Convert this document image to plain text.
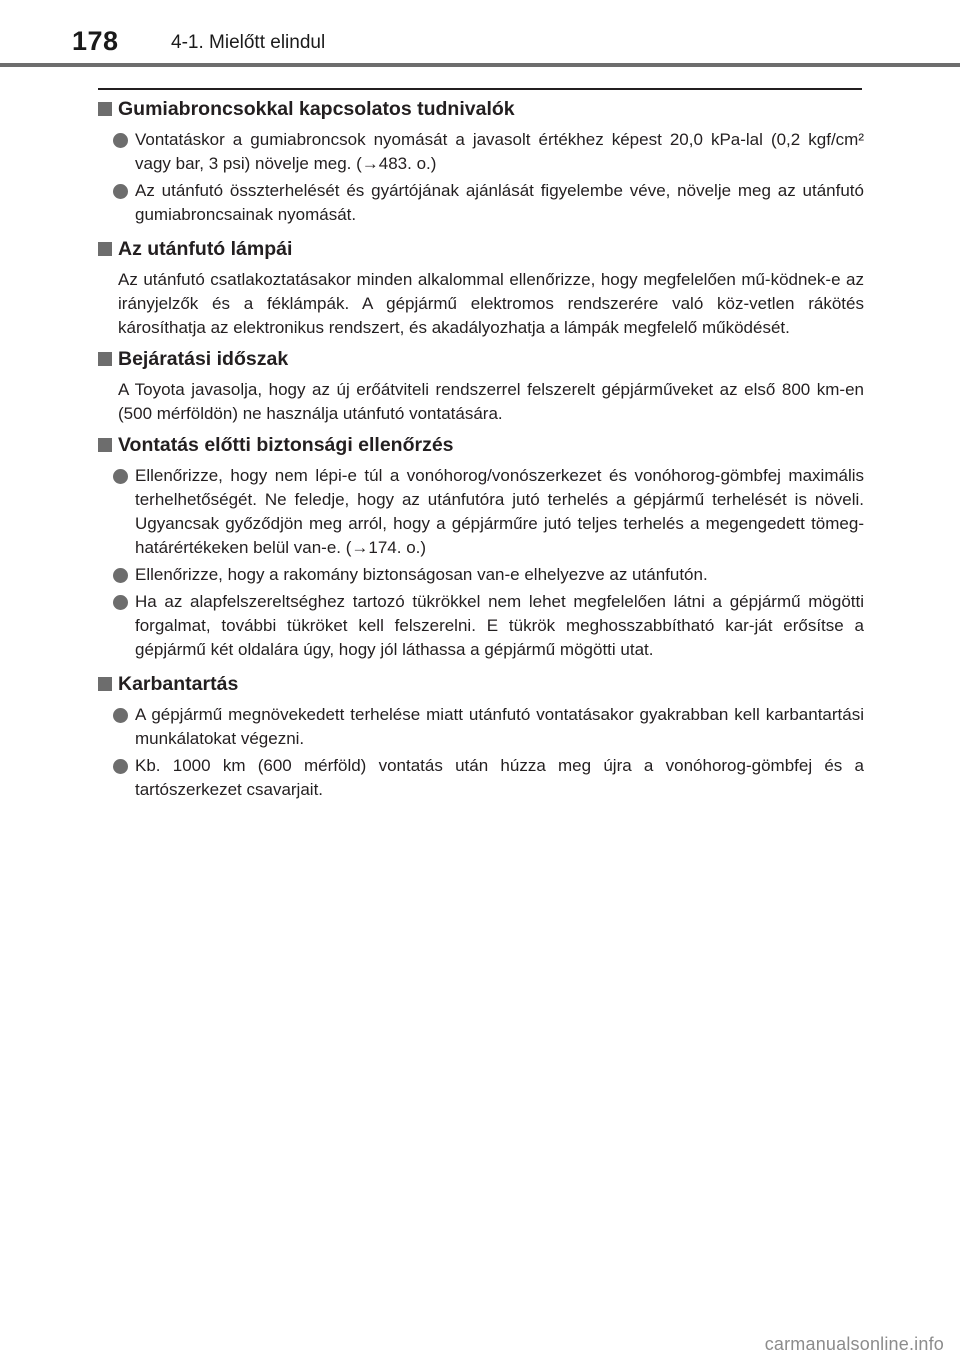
178	4-1. Mielőtt elindul
Gumiabroncsokkal kapcsolatos tudnivalók
Vontatáskor a gumiabroncsok nyomását a javasolt értékhez képest 20,0 kPa-lal (0,2 kgf/cm² vagy bar, 3 psi) növelje meg. (→483. o.)
Az utánfutó összterhelését és gyártójának ajánlását figyelembe véve, növelje meg az utánfutó gumiabroncsainak nyomását.
Az utánfutó lámpái

Az utánfutó csatlakoztatásakor minden alkalommal ellenőrizze, hogy megfelelően mű-ködnek-e az irányjelzők és a féklámpák. A gépjármű elektromos rendszerére való köz-vetlen rákötés károsíthatja az elektronikus rendszert, és akadályozhatja a lámpák megfelelő működését.

Bejáratási időszak

A Toyota javasolja, hogy az új erőátviteli rendszerrel felszerelt gépjárműveket az első 800 km-en (500 mérföldön) ne használja utánfutó vontatására.

Vontatás előtti biztonsági ellenőrzés
Ellenőrizze, hogy nem lépi-e túl a vonóhorog/vonószerkezet és vonóhorog-gömbfej maximális terhelhetőségét. Ne feledje, hogy az utánfutóra jutó terhelés a gépjármű terhelését is növeli. Ugyancsak győződjön meg arról, hogy a gépjárműre jutó teljes terhelés a megengedett tömeg-határértékeken belül van-e. (→174. o.)
Ellenőrizze, hogy a rakomány biztonságosan van-e elhelyezve az utánfutón.
Ha az alapfelszereltséghez tartozó tükrökkel nem lehet megfelelően látni a gépjármű mögötti forgalmat, további tükröket kell felszerelni. E tükrök meghosszabbítható kar-ját erősítse a gépjármű két oldalára úgy, hogy jól láthassa a gépjármű mögötti utat.
Karbantartás
A gépjármű megnövekedett terhelése miatt utánfutó vontatásakor gyakrabban kell karbantartási munkálatokat végezni.
Kb. 1000 km (600 mérföld) vontatás után húzza meg újra a vonóhorog-gömbfej és a tartószerkezet csavarjait.
carmanualsonline.info
